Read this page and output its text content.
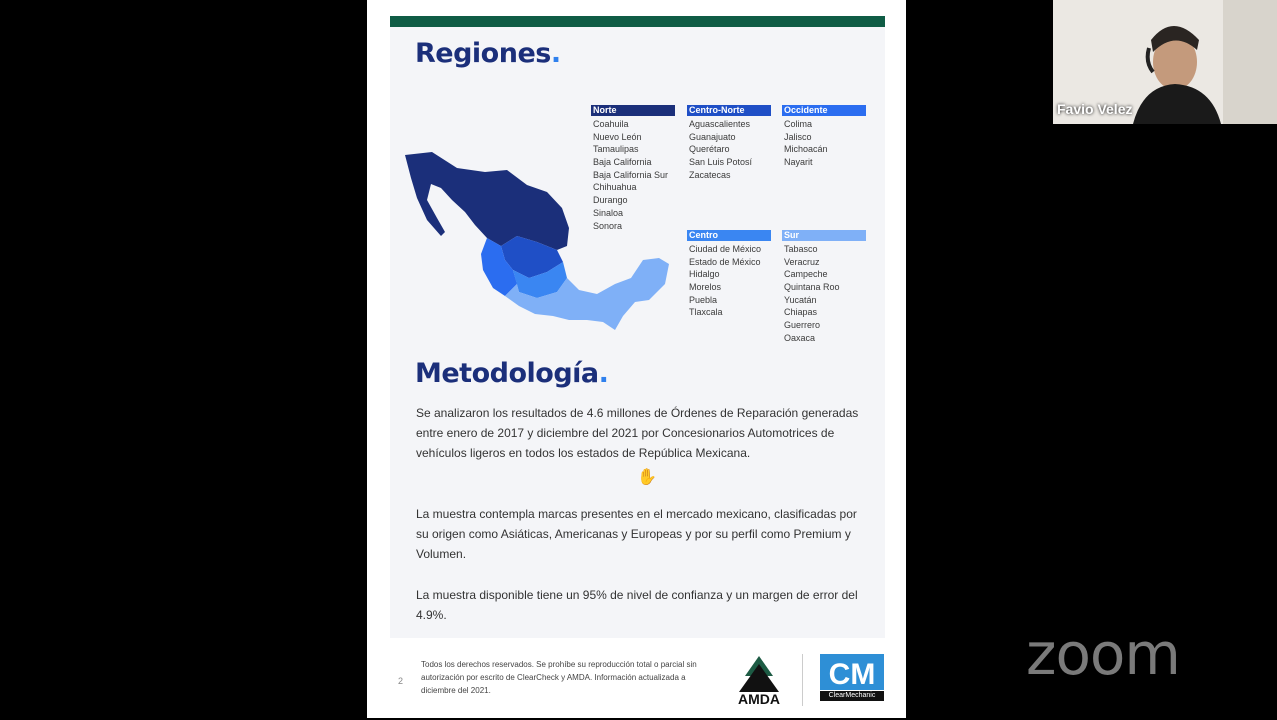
Regiones.
Metodología.
Se analizaron los resultados de 4.6 millones de Órdenes de Reparación generadas entre enero de 2017 y diciembre del 2021 por Concesionarios Automotrices de vehículos ligeros en todos los estados de República Mexicana.
La muestra contempla marcas presentes en el mercado mexicano, clasificadas por su origen como Asiáticas, Americanas y Europeas y por su perfil como Premium y Volumen.
La muestra disponible tiene un 95% de nivel de confianza y un margen de error del 4.9%.
2
Todos los derechos reservados. Se prohíbe su reproducción total o parcial sin autorización por escrito de ClearCheck y AMDA. Información actualizada a diciembre del 2021.
AMDA
CM
ClearMechanic
Norte
Coahuila
Nuevo León
Tamaulipas
Baja California
Baja California Sur
Chihuahua
Durango
Sinaloa
Sonora
Centro-Norte
Aguascalientes
Guanajuato
Querétaro
San Luis Potosí
Zacatecas
Occidente
Colima
Jalisco
Michoacán
Nayarit
Centro
Ciudad de México
Estado de México
Hidalgo
Morelos
Puebla
Tlaxcala
Sur
Tabasco
Veracruz
Campeche
Quintana Roo
Yucatán
Chiapas
Guerrero
Oaxaca
✋
Favio Velez
zoom
